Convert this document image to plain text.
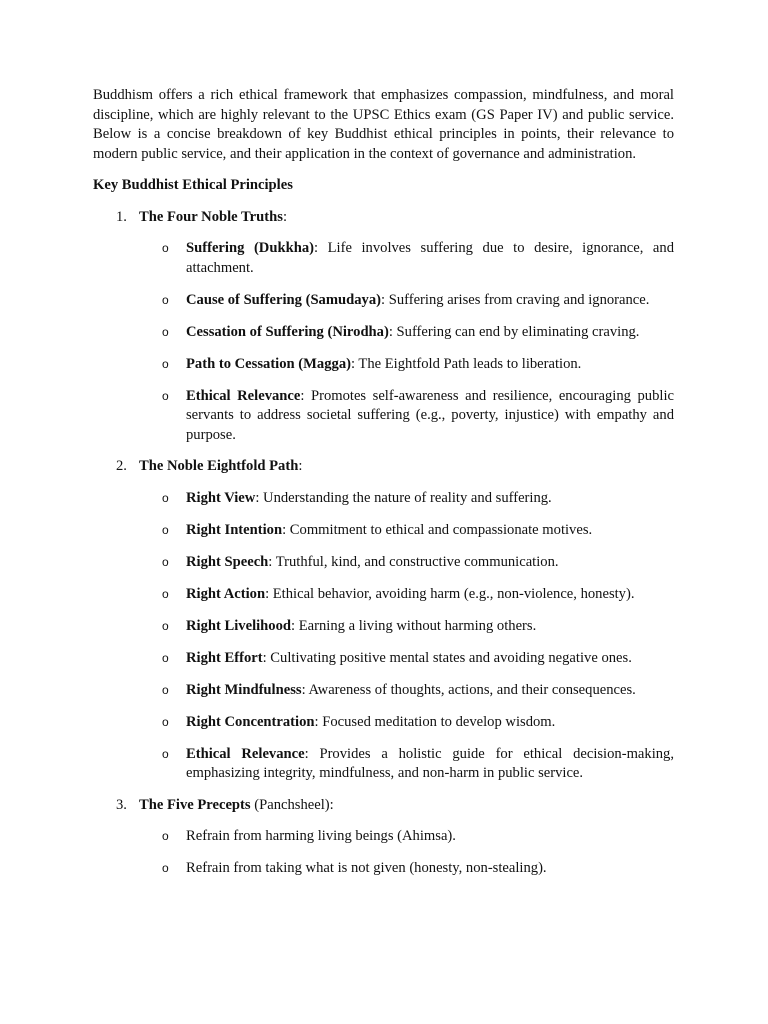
Buddhism offers a rich ethical framework that emphasizes compassion, mindfulness, and moral discipline, which are highly relevant to the UPSC Ethics exam (GS Paper IV) and public service. Below is a concise breakdown of key Buddhist ethical principles in points, their relevance to modern public service, and their application in the context of governance and administration.

Key Buddhist Ethical Principles

1. The Four Noble Truths:
o Suffering (Dukkha): Life involves suffering due to desire, ignorance, and attachment.
o Cause of Suffering (Samudaya): Suffering arises from craving and ignorance.
o Cessation of Suffering (Nirodha): Suffering can end by eliminating craving.
o Path to Cessation (Magga): The Eightfold Path leads to liberation.
o Ethical Relevance: Promotes self-awareness and resilience, encouraging public servants to address societal suffering (e.g., poverty, injustice) with empathy and purpose.
2. The Noble Eightfold Path:
o Right View: Understanding the nature of reality and suffering.
o Right Intention: Commitment to ethical and compassionate motives.
o Right Speech: Truthful, kind, and constructive communication.
o Right Action: Ethical behavior, avoiding harm (e.g., non-violence, honesty).
o Right Livelihood: Earning a living without harming others.
o Right Effort: Cultivating positive mental states and avoiding negative ones.
o Right Mindfulness: Awareness of thoughts, actions, and their consequences.
o Right Concentration: Focused meditation to develop wisdom.
o Ethical Relevance: Provides a holistic guide for ethical decision-making, emphasizing integrity, mindfulness, and non-harm in public service.
3. The Five Precepts (Panchsheel):
o Refrain from harming living beings (Ahimsa).
o Refrain from taking what is not given (honesty, non-stealing).
